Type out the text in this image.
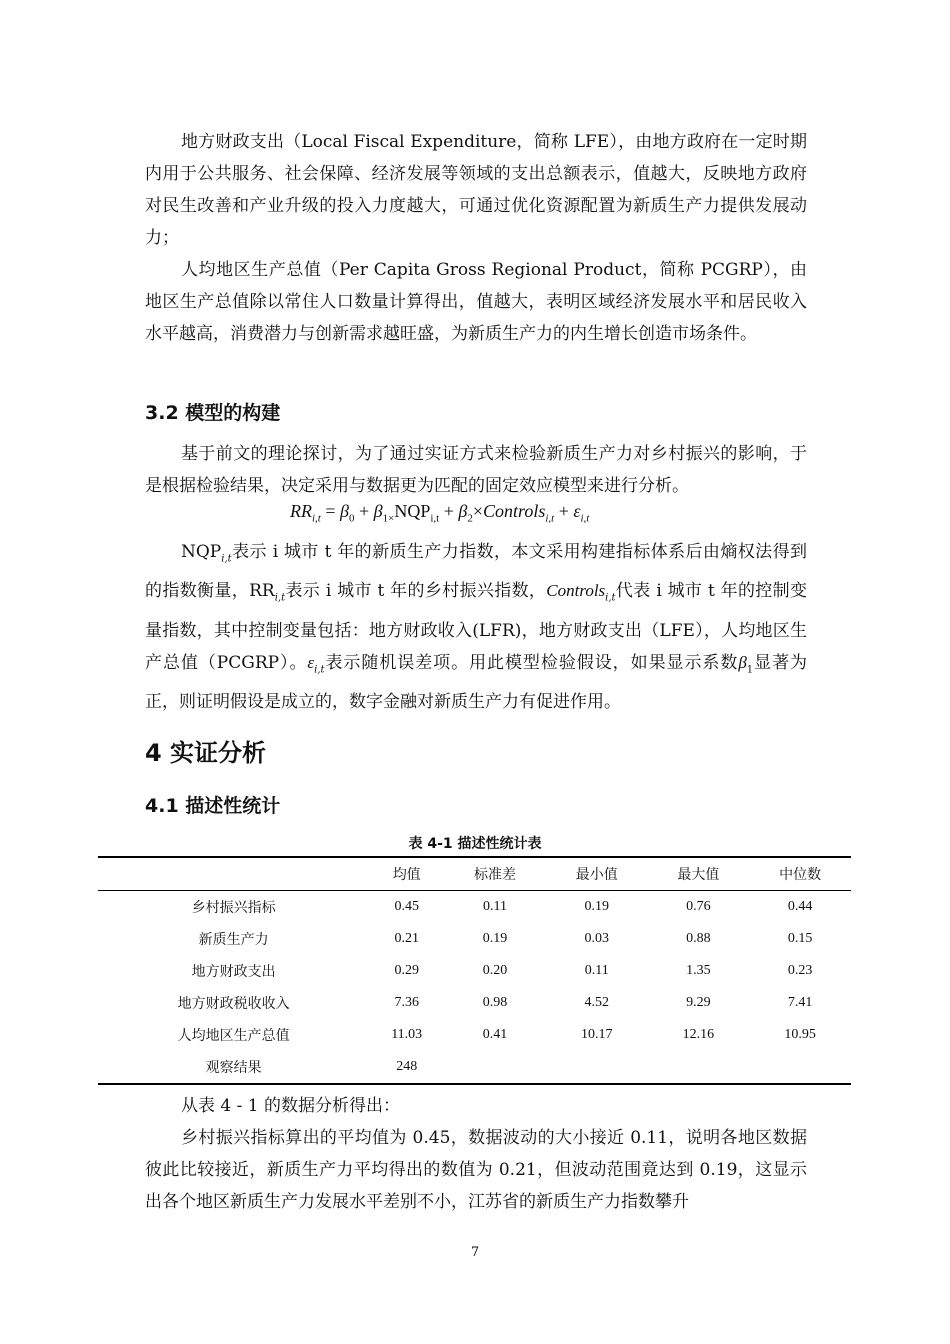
地方财政支出（Local Fiscal Expenditure，简称 LFE），由地方政府在一定时期内用于公共服务、社会保障、经济发展等领域的支出总额表示，值越大，反映地方政府对民生改善和产业升级的投入力度越大，可通过优化资源配置为新质生产力提供发展动力；

人均地区生产总值（Per Capita Gross Regional Product，简称 PCGRP），由地区生产总值除以常住人口数量计算得出，值越大，表明区域经济发展水平和居民收入水平越高，消费潜力与创新需求越旺盛，为新质生产力的内生增长创造市场条件。

3.2 模型的构建

基于前文的理论探讨，为了通过实证方式来检验新质生产力对乡村振兴的影响，于是根据检验结果，决定采用与数据更为匹配的固定效应模型来进行分析。

$RR_{i,t} = \beta_0 + \beta_{1\times}NQP_{i,t}$ + $\beta_2\times Controls_{i,t} + \varepsilon_{i,t}$

$NQP_{i,t}$表示 i 城市 t 年的新质生产力指数，本文采用构建指标体系后由熵权法得到的指数衡量，$RR_{i,t}$表示 i 城市 t 年的乡村振兴指数，Controls$_{i,t}$代表 i 城市 t 年的控制变量指数，其中控制变量包括：地方财政收入(LFR)，地方财政支出（LFE），人均地区生产总值（PCGRP）。$\varepsilon_{i,t}$表示随机误差项。用此模型检验假设，如果显示系数$\beta_1$显著为正，则证明假设是成立的，数字金融对新质生产力有促进作用。

4 实证分析
4.1 描述性统计
表 4-1 描述性统计表
	均值	标准差	最小值	最大值	中位数
乡村振兴指标	0.45	0.11	0.19	0.76	0.44
新质生产力	0.21	0.19	0.03	0.88	0.15
地方财政支出	0.29	0.20	0.11	1.35	0.23
地方财政税收收入	7.36	0.98	4.52	9.29	7.41
人均地区生产总值	11.03	0.41	10.17	12.16	10.95
观察结果	248				

从表 4 - 1 的数据分析得出：

乡村振兴指标算出的平均值为 0.45，数据波动的大小接近 0.11，说明各地区数据彼此比较接近，新质生产力平均得出的数值为 0.21，但波动范围竟达到 0.19，这显示出各个地区新质生产力发展水平差别不小，江苏省的新质生产力指数攀升

7
